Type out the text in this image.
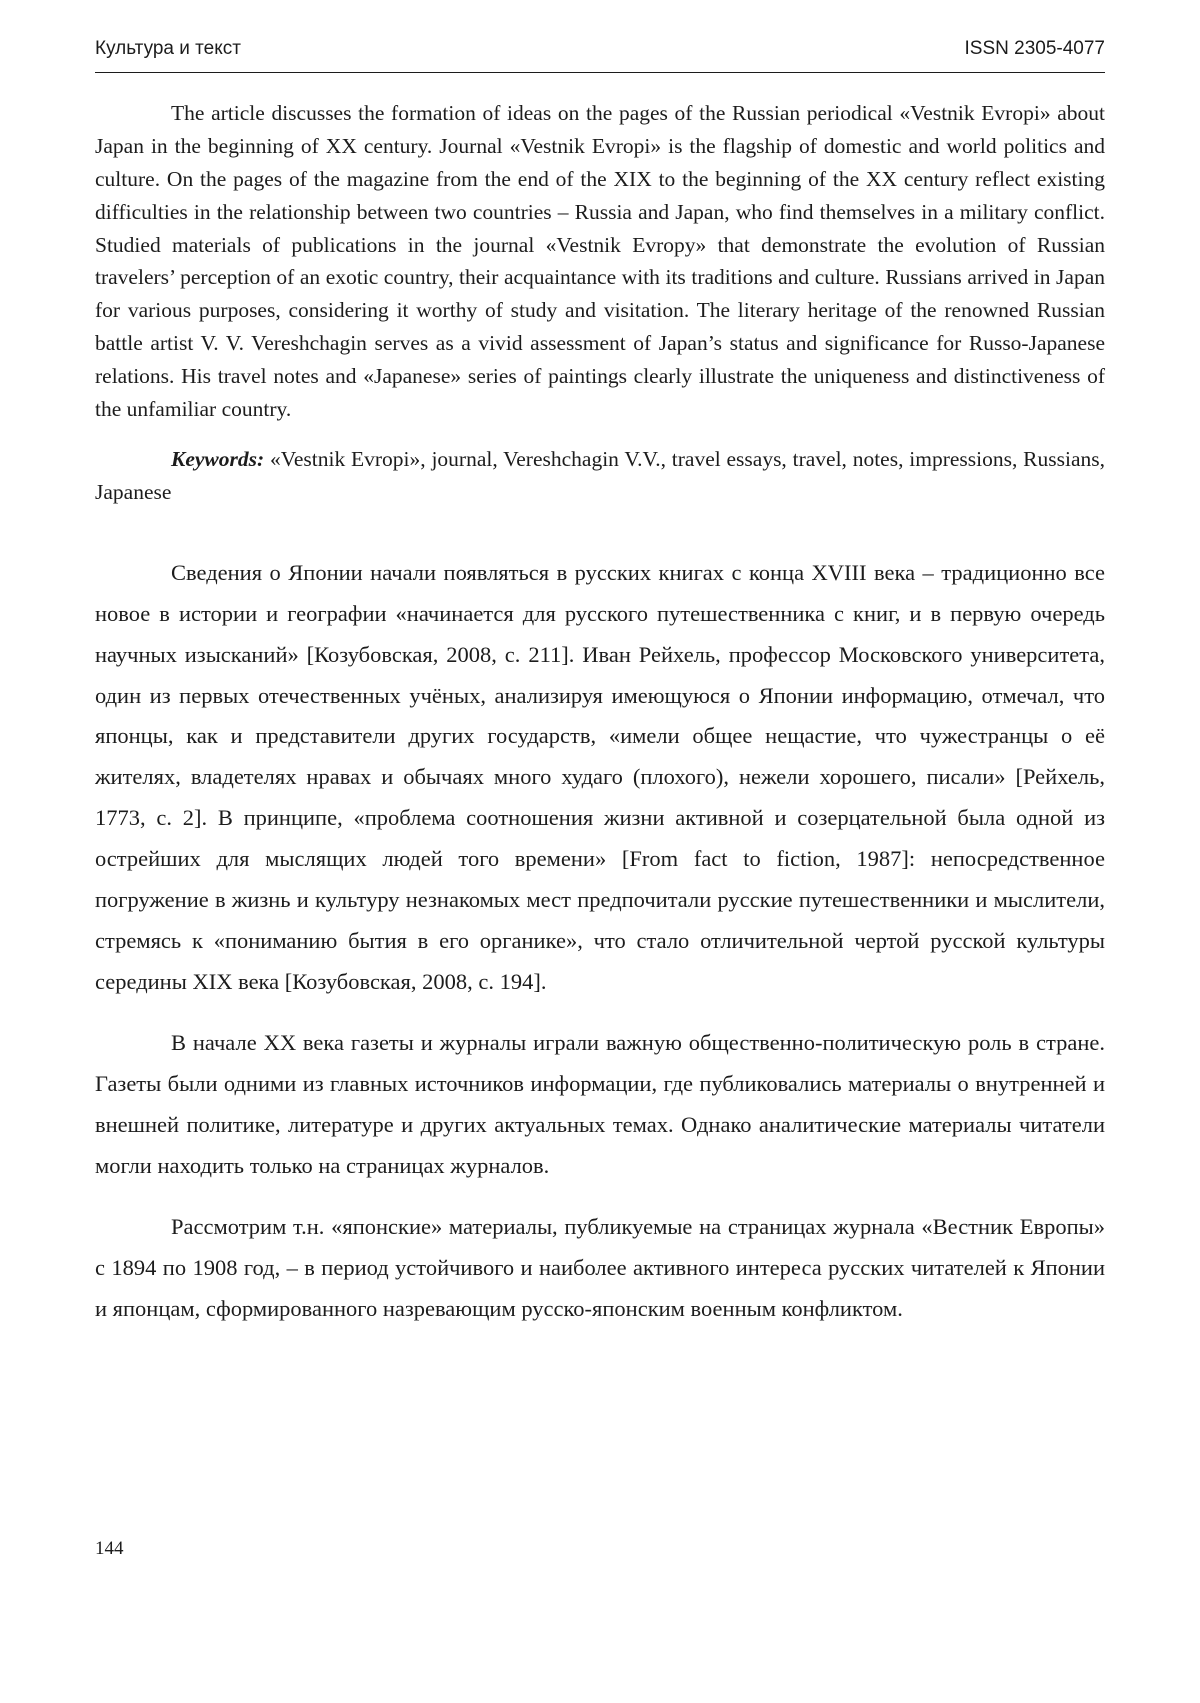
Культура и текст	ISSN 2305-4077

The article discusses the formation of ideas on the pages of the Russian periodical «Vestnik Evropi» about Japan in the beginning of XX century. Journal «Vestnik Evropi» is the flagship of domestic and world politics and culture. On the pages of the magazine from the end of the XIX to the beginning of the XX century reflect existing difficulties in the relationship between two countries – Russia and Japan, who find themselves in a military conflict. Studied materials of publications in the journal «Vestnik Evropy» that demonstrate the evolution of Russian travelers’ perception of an exotic country, their acquaintance with its traditions and culture. Russians arrived in Japan for various purposes, considering it worthy of study and visitation. The literary heritage of the renowned Russian battle artist V. V. Vereshchagin serves as a vivid assessment of Japan’s status and significance for Russo-Japanese relations. His travel notes and «Japanese» series of paintings clearly illustrate the uniqueness and distinctiveness of the unfamiliar country.

Keywords: «Vestnik Evropi», journal, Vereshchagin V.V., travel essays, travel, notes, impressions, Russians, Japanese

Сведения о Японии начали появляться в русских книгах с конца XVIII века – традиционно все новое в истории и географии «начинается для русского путешественника с книг, и в первую очередь научных изысканий» [Козубовская, 2008, с. 211]. Иван Рейхель, профессор Московского университета, один из первых отечественных учёных, анализируя имеющуюся о Японии информацию, отмечал, что японцы, как и представители других государств, «имели общее нещастие, что чужестранцы о её жителях, владетелях нравах и обычаях много худаго (плохого), нежели хорошего, писали» [Рейхель, 1773, с. 2]. В принципе, «проблема соотношения жизни активной и созерцательной была одной из острейших для мыслящих людей того времени» [From fact to fiction, 1987]: непосредственное погружение в жизнь и культуру незнакомых мест предпочитали русские путешественники и мыслители, стремясь к «пониманию бытия в его органике», что стало отличительной чертой русской культуры середины XIX века [Козубовская, 2008, с. 194].

В начале XX века газеты и журналы играли важную общественно-политическую роль в стране. Газеты были одними из главных источников информации, где публиковались материалы о внутренней и внешней политике, литературе и других актуальных темах. Однако аналитические материалы читатели могли находить только на страницах журналов.

Рассмотрим т.н. «японские» материалы, публикуемые на страницах журнала «Вестник Европы» с 1894 по 1908 год, – в период устойчивого и наиболее активного интереса русских читателей к Японии и японцам, сформированного назревающим русско-японским военным конфликтом.

144
